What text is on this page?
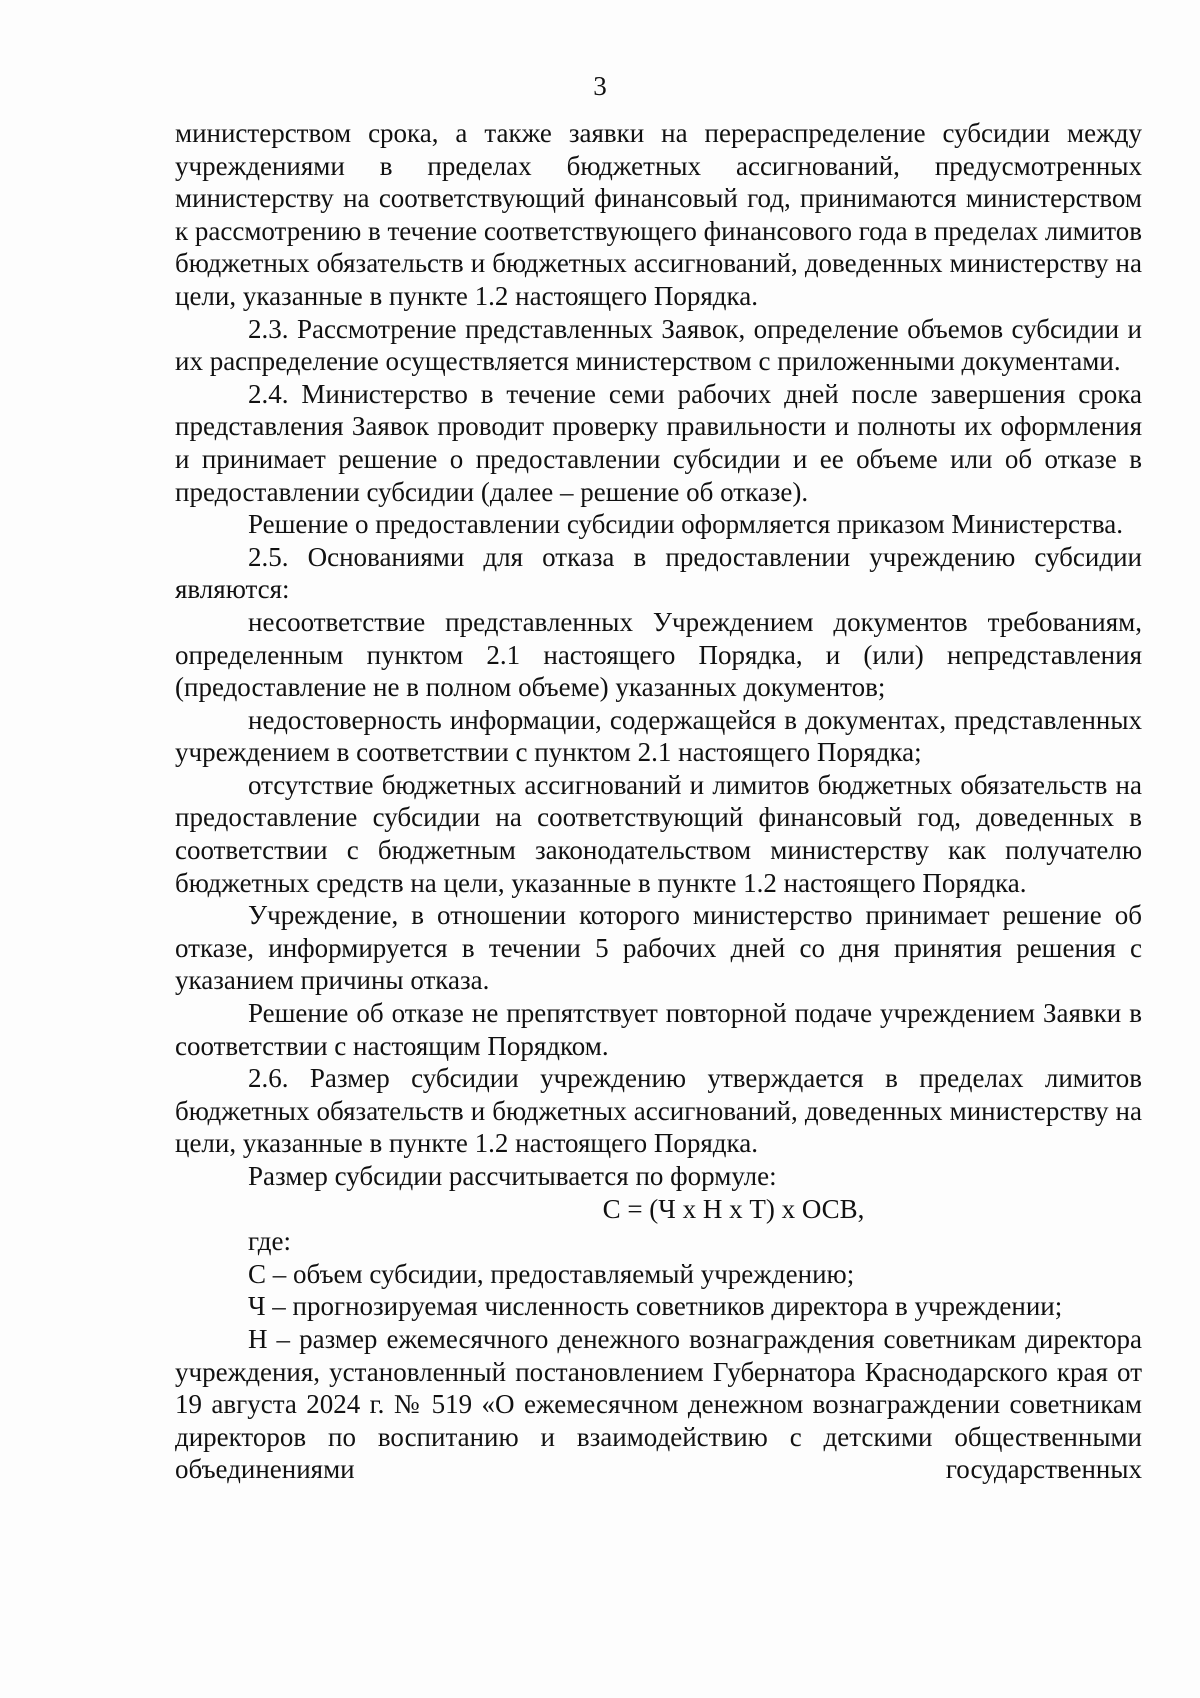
3

министерством срока, а также заявки на перераспределение субсидии между учреждениями в пределах бюджетных ассигнований, предусмотренных министерству на соответствующий финансовый год, принимаются министерством к рассмотрению в течение соответствующего финансового года в пределах лимитов бюджетных обязательств и бюджетных ассигнований, доведенных министерству на цели, указанные в пункте 1.2 настоящего Порядка.

2.3. Рассмотрение представленных Заявок, определение объемов субсидии и их распределение осуществляется министерством с приложенными документами.

2.4. Министерство в течение семи рабочих дней после завершения срока представления Заявок проводит проверку правильности и полноты их оформления и принимает решение о предоставлении субсидии и ее объеме или об отказе в предоставлении субсидии (далее – решение об отказе).

Решение о предоставлении субсидии оформляется приказом Министерства.

2.5. Основаниями для отказа в предоставлении учреждению субсидии являются:

несоответствие представленных Учреждением документов требованиям, определенным пунктом 2.1 настоящего Порядка, и (или) непредставления (предоставление не в полном объеме) указанных документов;

недостоверность информации, содержащейся в документах, представленных учреждением в соответствии с пунктом 2.1 настоящего Порядка;

отсутствие бюджетных ассигнований и лимитов бюджетных обязательств на предоставление субсидии на соответствующий финансовый год, доведенных в соответствии с бюджетным законодательством министерству как получателю бюджетных средств на цели, указанные в пункте 1.2 настоящего Порядка.

Учреждение, в отношении которого министерство принимает решение об отказе, информируется в течении 5 рабочих дней со дня принятия решения с указанием причины отказа.

Решение об отказе не препятствует повторной подаче учреждением Заявки в соответствии с настоящим Порядком.

2.6. Размер субсидии учреждению утверждается в пределах лимитов бюджетных обязательств и бюджетных ассигнований, доведенных министерству на цели, указанные в пункте 1.2 настоящего Порядка.

Размер субсидии рассчитывается по формуле:

С = (Ч х Н х Т) х ОСВ,

где:

С – объем субсидии, предоставляемый учреждению;

Ч – прогнозируемая численность советников директора в учреждении;

Н – размер ежемесячного денежного вознаграждения советникам директора учреждения, установленный постановлением Губернатора Краснодарского края от 19 августа 2024 г. № 519 «О ежемесячном денежном вознаграждении советникам директоров по воспитанию и взаимодействию с детскими общественными объединениями государственных
